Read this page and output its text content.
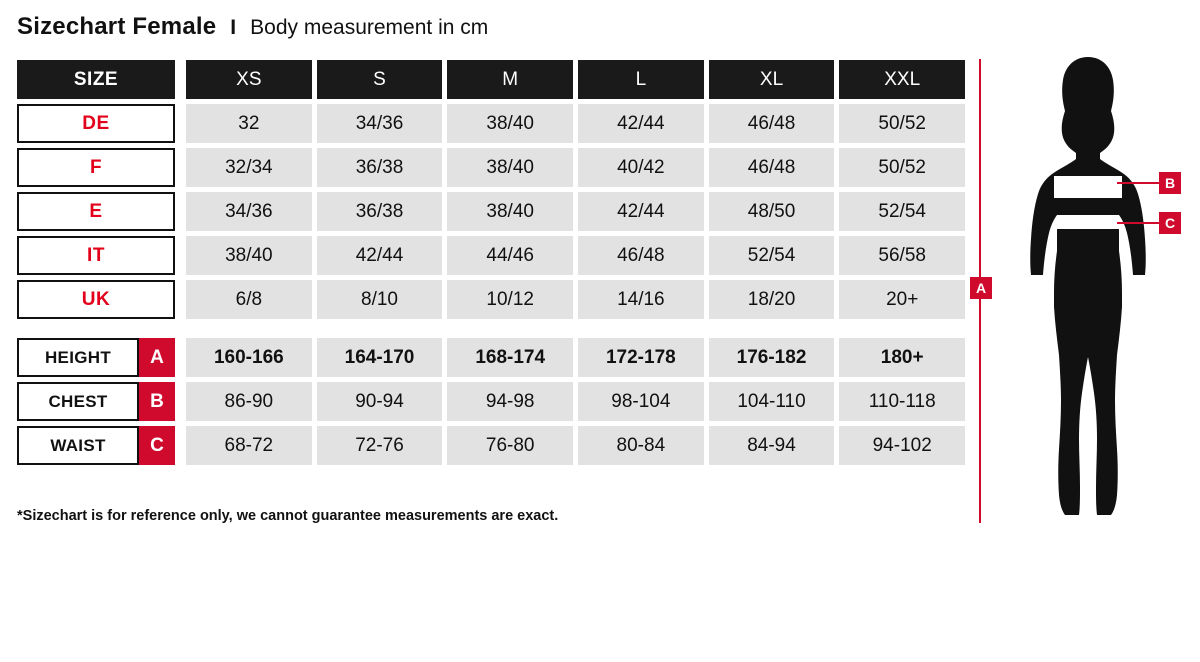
Sizechart Female I Body measurement in cm
SIZE	XS	S	M	L	XL	XXL
DE	32	34/36	38/40	42/44	46/48	50/52
F	32/34	36/38	38/40	40/42	46/48	50/52
E	34/36	36/38	38/40	42/44	48/50	52/54
IT	38/40	42/44	44/46	46/48	52/54	56/58
UK	6/8	8/10	10/12	14/16	18/20	20+
HEIGHT	A	160-166	164-170	168-174	172-178	176-182	180+
CHEST	B	86-90	90-94	94-98	98-104	104-110	110-118
WAIST	C	68-72	72-76	76-80	80-84	84-94	94-102
*Sizechart is for reference only, we cannot guarantee measurements are exact.
A
B
C
